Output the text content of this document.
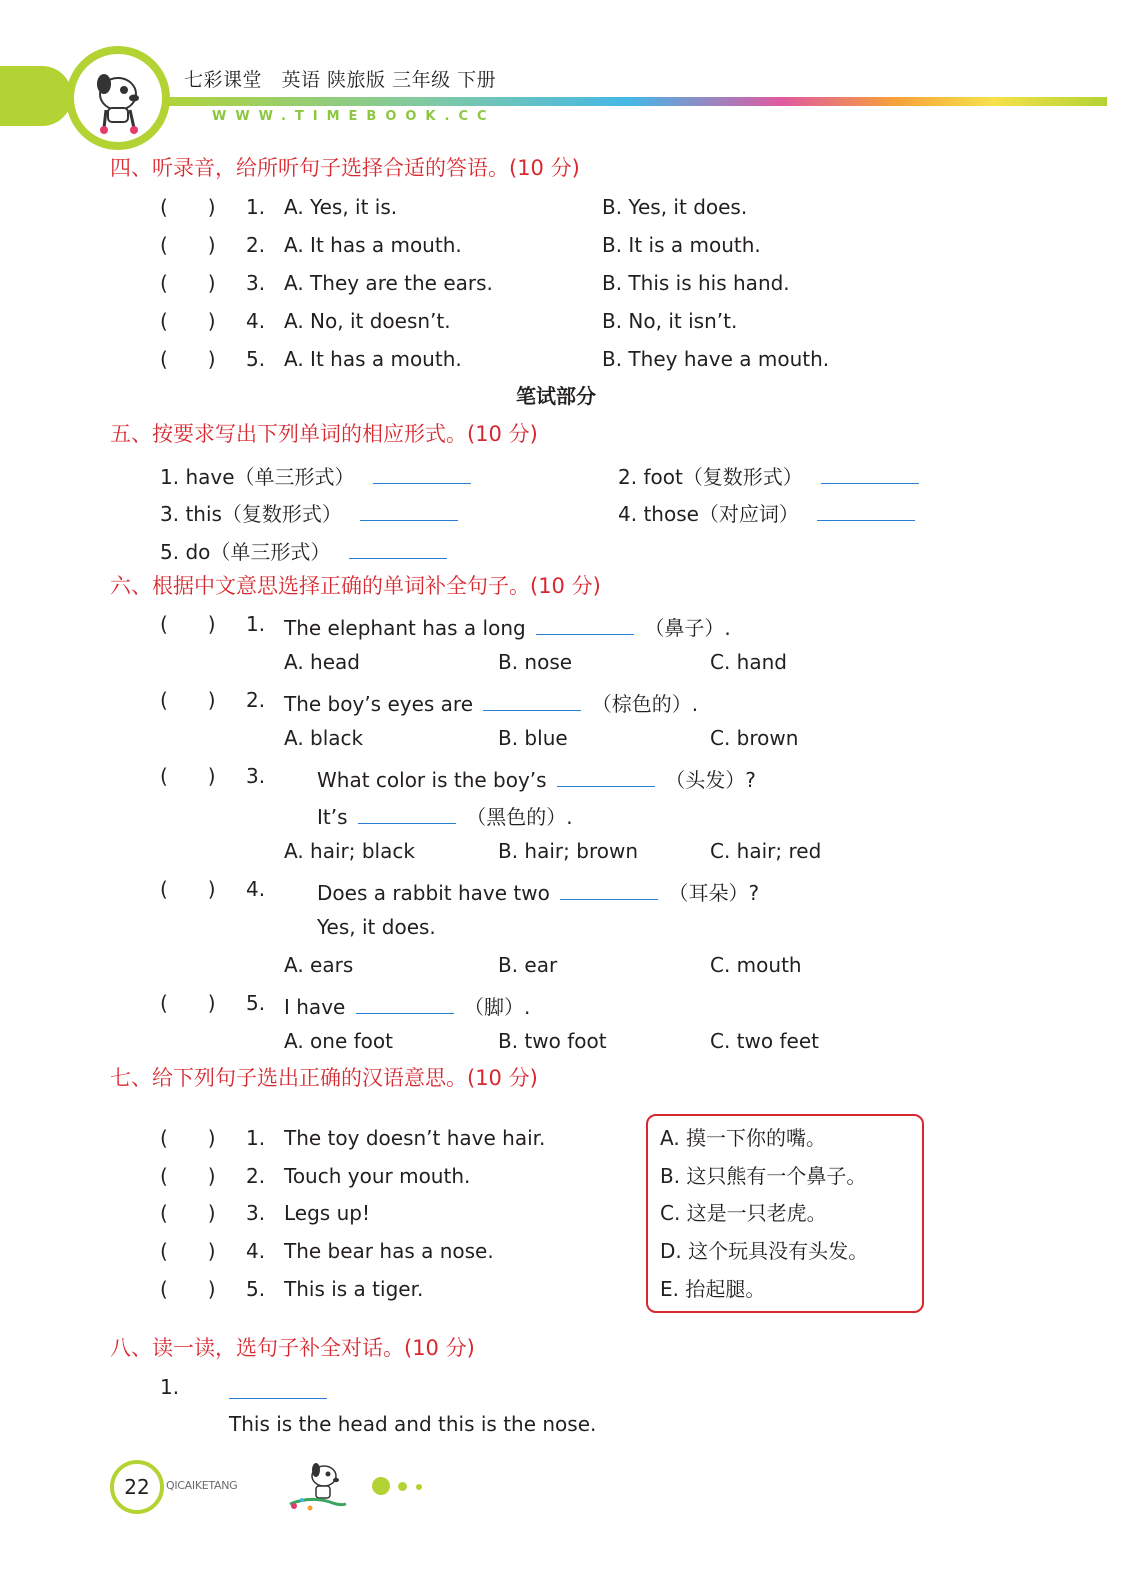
七彩课堂　英语 陕旅版 三年级 下册
WWW.TIMEBOOK.CC
四、听录音，给所听句子选择合适的答语。(10 分)
(　　) 1. A. Yes, it is.	B. Yes, it does.
(　　) 2. A. It has a mouth.	B. It is a mouth.
(　　) 3. A. They are the ears.	B. This is his hand.
(　　) 4. A. No, it doesn’t.	B. No, it isn’t.
(　　) 5. A. It has a mouth.	B. They have a mouth.
笔试部分
五、按要求写出下列单词的相应形式。(10 分)
1. have（单三形式）	2. foot（复数形式）
3. this（复数形式）	4. those（对应词）
5. do（单三形式）
六、根据中文意思选择正确的单词补全句子。(10 分)
(　　) 1. The elephant has a long	（鼻子）.
A. head	B. nose	C. hand
(　　) 2. The boy’s eyes are	（棕色的）.
A. black	B. blue	C. brown
(　　) 3.	What color is the boy’s	（头发）?
It’s	（黑色的）.
A. hair; black	B. hair; brown	C. hair; red
(　　) 4.	Does a rabbit have two	（耳朵）?
Yes, it does.
A. ears	B. ear	C. mouth
(　　) 5. I have	（脚）.
A. one foot	B. two foot	C. two feet
七、给下列句子选出正确的汉语意思。(10 分)
(　　) 1. The toy doesn’t have hair.
(　　) 2. Touch your mouth.
(　　) 3. Legs up!
(　　) 4. The bear has a nose.
(　　) 5. This is a tiger.
A. 摸一下你的嘴。
B. 这只熊有一个鼻子。
C. 这是一只老虎。
D. 这个玩具没有头发。
E. 抬起腿。
八、读一读，选句子补全对话。(10 分)
1.
This is the head and this is the nose.
22	QICAIKETANG
